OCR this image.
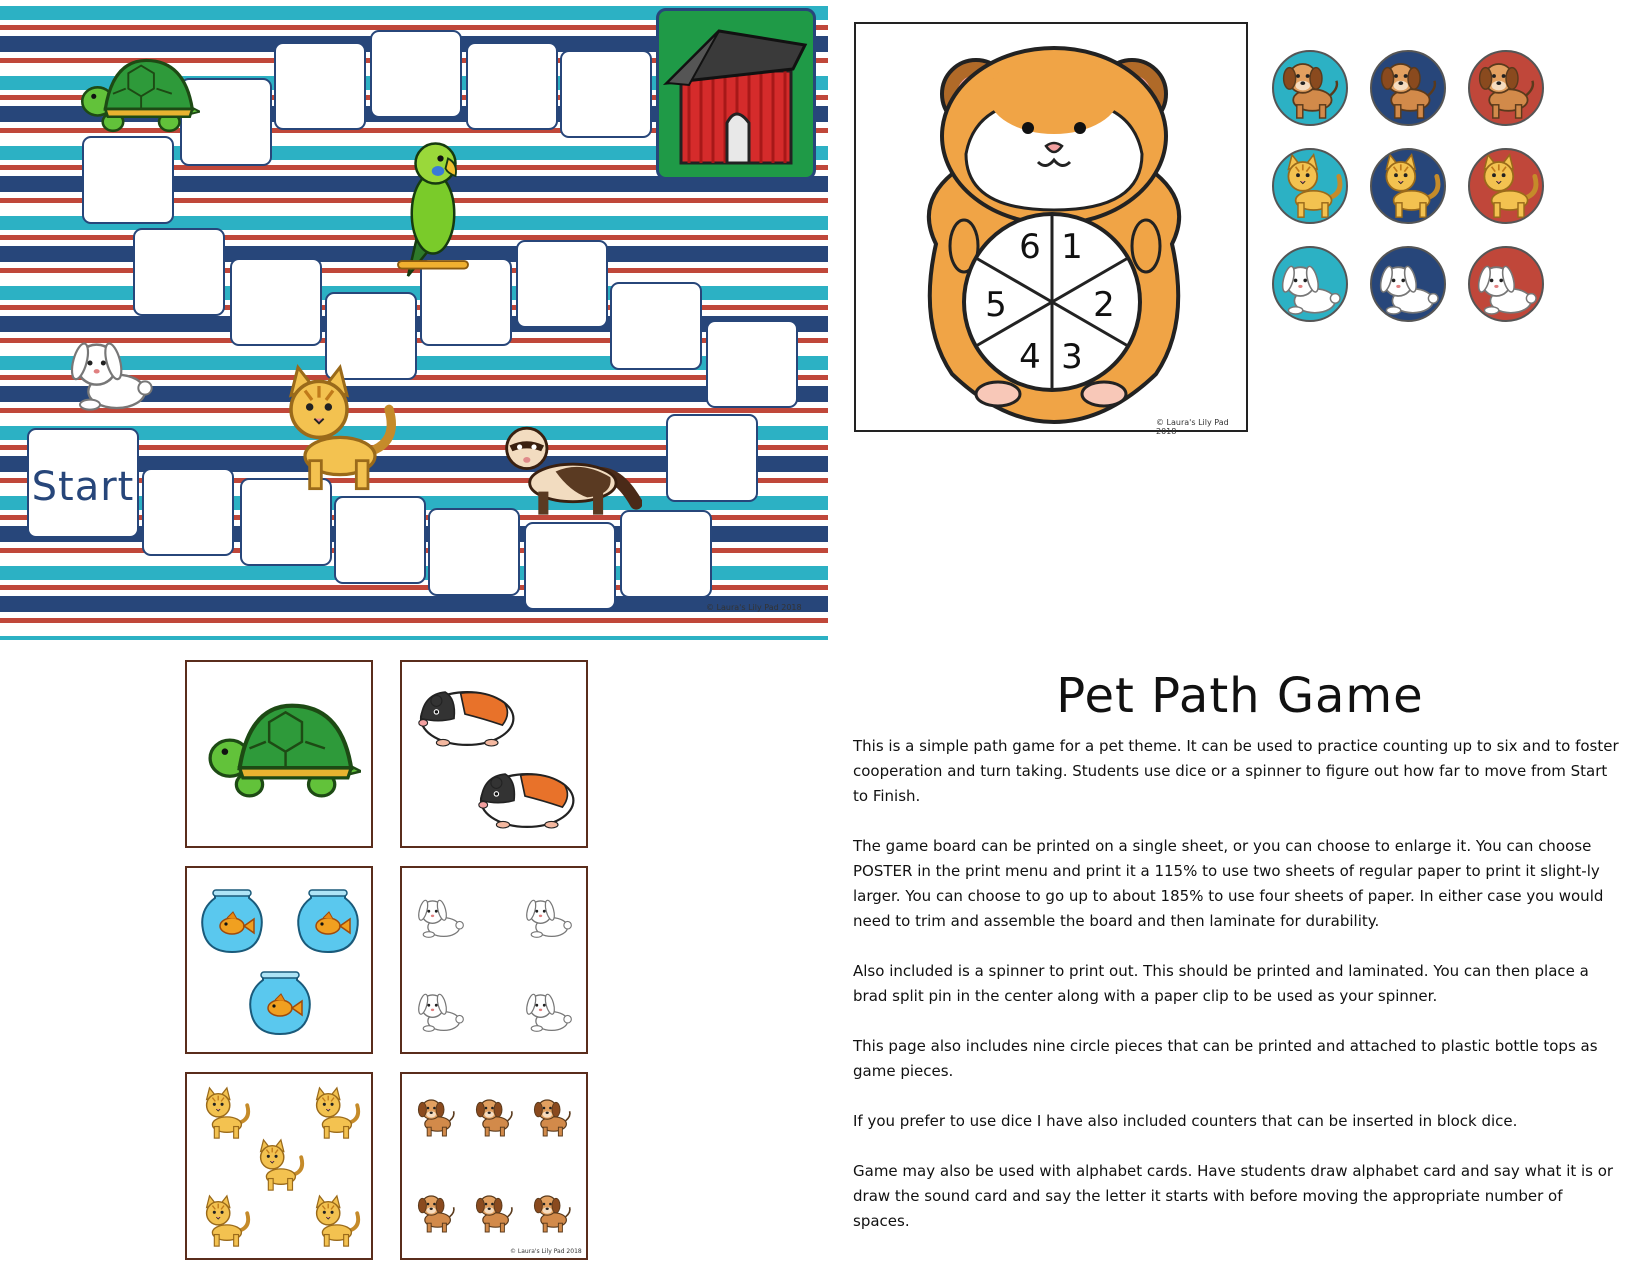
Start
© Laura's Lily Pad 2018
1
2
3
4
5
6
© Laura's Lily Pad 2018
© Laura's Lily Pad 2018
Pet Path Game

This is a simple path game for a pet theme. It can be used to practice counting up to six and to foster cooperation and turn taking. Students use dice or a spinner to figure out how far to move from Start to Finish.

The game board can be printed on a single sheet, or you can choose to enlarge it. You can choose POSTER in the print menu and print it a 115% to use two sheets of regular paper to print it slight-ly larger. You can choose to go up to about 185% to use four sheets of paper. In either case you would need to trim and assemble the board and then laminate for durability.

Also included is a spinner to print out. This should be printed and laminated. You can then place a brad split pin in the center along with a paper clip to be used as your spinner.

This page also includes nine circle pieces that can be printed and attached to plastic bottle tops as game pieces.

If you prefer to use dice I have also included counters that can be inserted in block dice.

Game may also be used with alphabet cards. Have students draw alphabet card and say what it is or draw the sound card and say the letter it starts with before moving the appropriate number of spaces.
